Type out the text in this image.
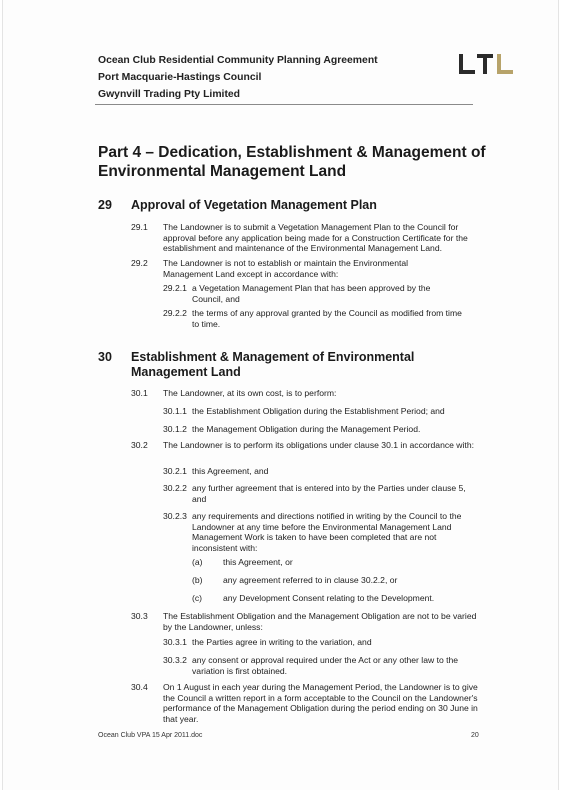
Ocean Club Residential Community Planning Agreement
Port Macquarie-Hastings Council
Gwynvill Trading Pty Limited
Part 4 – Dedication, Establishment & Management of Environmental Management Land
29 Approval of Vegetation Management Plan
29.1 The Landowner is to submit a Vegetation Management Plan to the Council for approval before any application being made for a Construction Certificate for the establishment and maintenance of the Environmental Management Land.
29.2 The Landowner is not to establish or maintain the Environmental Management Land except in accordance with:
29.2.1 a Vegetation Management Plan that has been approved by the Council, and
29.2.2 the terms of any approval granted by the Council as modified from time to time.
30 Establishment & Management of Environmental Management Land
30.1 The Landowner, at its own cost, is to perform:
30.1.1 the Establishment Obligation during the Establishment Period; and
30.1.2 the Management Obligation during the Management Period.
30.2 The Landowner is to perform its obligations under clause 30.1 in accordance with:
30.2.1 this Agreement, and
30.2.2 any further agreement that is entered into by the Parties under clause 5, and
30.2.3 any requirements and directions notified in writing by the Council to the Landowner at any time before the Environmental Management Land Management Work is taken to have been completed that are not inconsistent with:
(a) this Agreement, or
(b) any agreement referred to in clause 30.2.2, or
(c) any Development Consent relating to the Development.
30.3 The Establishment Obligation and the Management Obligation are not to be varied by the Landowner, unless:
30.3.1 the Parties agree in writing to the variation, and
30.3.2 any consent or approval required under the Act or any other law to the variation is first obtained.
30.4 On 1 August in each year during the Management Period, the Landowner is to give the Council a written report in a form acceptable to the Council on the Landowner's performance of the Management Obligation during the period ending on 30 June in that year.
Ocean Club VPA 15 Apr 2011.doc	20
